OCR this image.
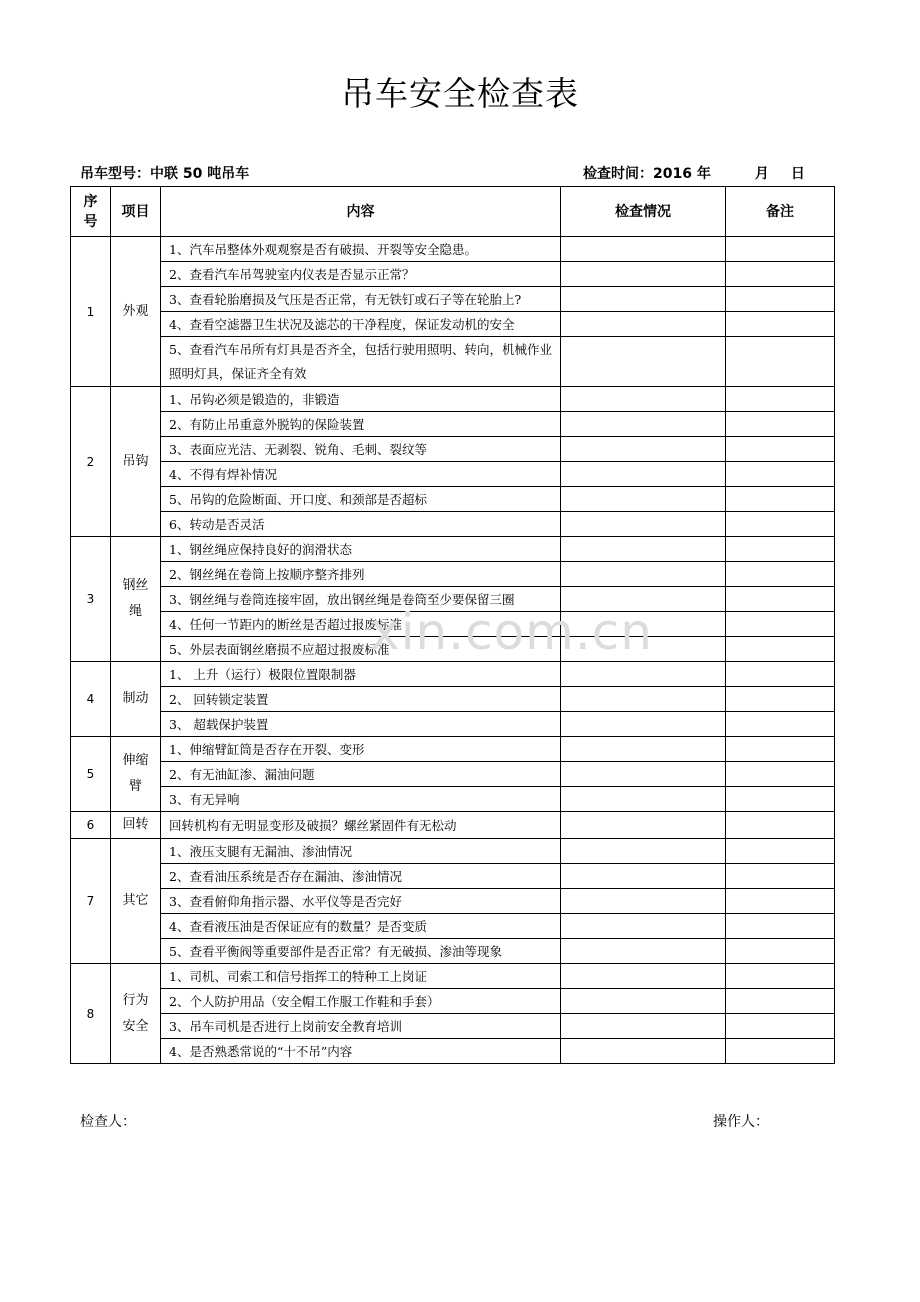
吊车安全检查表
吊车型号：中联 50 吨吊车	检查时间：2016 年	月 日
序号	项目	内容	检查情况	备注
1	外观	1、汽车吊整体外观观察是否有破损、开裂等安全隐患。		
		2、查看汽车吊驾驶室内仪表是否显示正常？		
		3、查看轮胎磨损及气压是否正常，有无铁钉或石子等在轮胎上?		
		4、查看空滤器卫生状况及滤芯的干净程度，保证发动机的安全		
		5、查看汽车吊所有灯具是否齐全，包括行驶用照明、转向，机械作业照明灯具，保证齐全有效		
2	吊钩	1、吊钩必须是锻造的，非锻造		
		2、有防止吊重意外脱钩的保险装置		
		3、表面应光洁、无剥裂、锐角、毛刺、裂纹等		
		4、不得有焊补情况		
		5、吊钩的危险断面、开口度、和颈部是否超标		
		6、转动是否灵活		
3	钢丝绳	1、钢丝绳应保持良好的润滑状态		
		2、钢丝绳在卷筒上按顺序整齐排列		
		3、钢丝绳与卷筒连接牢固，放出钢丝绳是卷筒至少要保留三圈		
		4、任何一节距内的断丝是否超过报废标准		
		5、外层表面钢丝磨损不应超过报废标准		
4	制动	1、 上升（运行）极限位置限制器		
		2、 回转锁定装置		
		3、 超载保护装置		
5	伸缩臂	1、伸缩臂缸筒是否存在开裂、变形		
		2、有无油缸渗、漏油问题		
		3、有无异响		
6	回转	回转机构有无明显变形及破损？螺丝紧固件有无松动		
7	其它	1、液压支腿有无漏油、渗油情况		
		2、查看油压系统是否存在漏油、渗油情况		
		3、查看俯仰角指示器、水平仪等是否完好		
		4、查看液压油是否保证应有的数量？是否变质		
		5、查看平衡阀等重要部件是否正常？有无破损、渗油等现象		
8	行为安全	1、司机、司索工和信号指挥工的特种工上岗证		
		2、个人防护用品（安全帽工作服工作鞋和手套）		
		3、吊车司机是否进行上岗前安全教育培训		
		4、是否熟悉常说的“十不吊”内容		
xin.com.cn
检查人：	操作人：
